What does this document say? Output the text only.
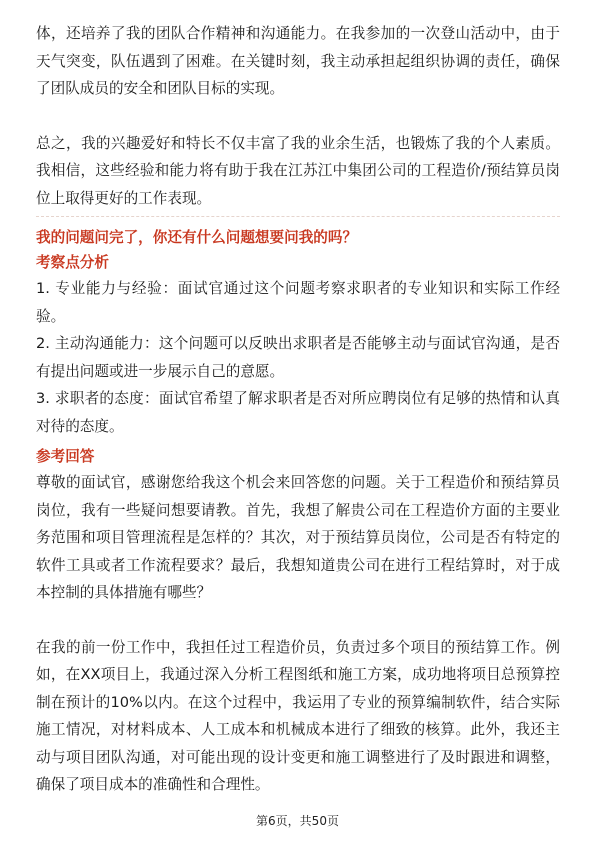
体，还培养了我的团队合作精神和沟通能力。在我参加的一次登山活动中，由于天气突变，队伍遇到了困难。在关键时刻，我主动承担起组织协调的责任，确保了团队成员的安全和团队目标的实现。

总之，我的兴趣爱好和特长不仅丰富了我的业余生活，也锻炼了我的个人素质。我相信，这些经验和能力将有助于我在江苏江中集团公司的工程造价/预结算员岗位上取得更好的工作表现。

我的问题问完了，你还有什么问题想要问我的吗？

考察点分析

1. 专业能力与经验：面试官通过这个问题考察求职者的专业知识和实际工作经验。

2. 主动沟通能力：这个问题可以反映出求职者是否能够主动与面试官沟通，是否有提出问题或进一步展示自己的意愿。

3. 求职者的态度：面试官希望了解求职者是否对所应聘岗位有足够的热情和认真对待的态度。

参考回答

尊敬的面试官，感谢您给我这个机会来回答您的问题。关于工程造价和预结算员岗位，我有一些疑问想要请教。首先，我想了解贵公司在工程造价方面的主要业务范围和项目管理流程是怎样的？其次，对于预结算员岗位，公司是否有特定的软件工具或者工作流程要求？最后，我想知道贵公司在进行工程结算时，对于成本控制的具体措施有哪些？

在我的前一份工作中，我担任过工程造价员，负责过多个项目的预结算工作。例如，在XX项目上，我通过深入分析工程图纸和施工方案，成功地将项目总预算控制在预计的10%以内。在这个过程中，我运用了专业的预算编制软件，结合实际施工情况，对材料成本、人工成本和机械成本进行了细致的核算。此外，我还主动与项目团队沟通，对可能出现的设计变更和施工调整进行了及时跟进和调整，确保了项目成本的准确性和合理性。

第6页，共50页
